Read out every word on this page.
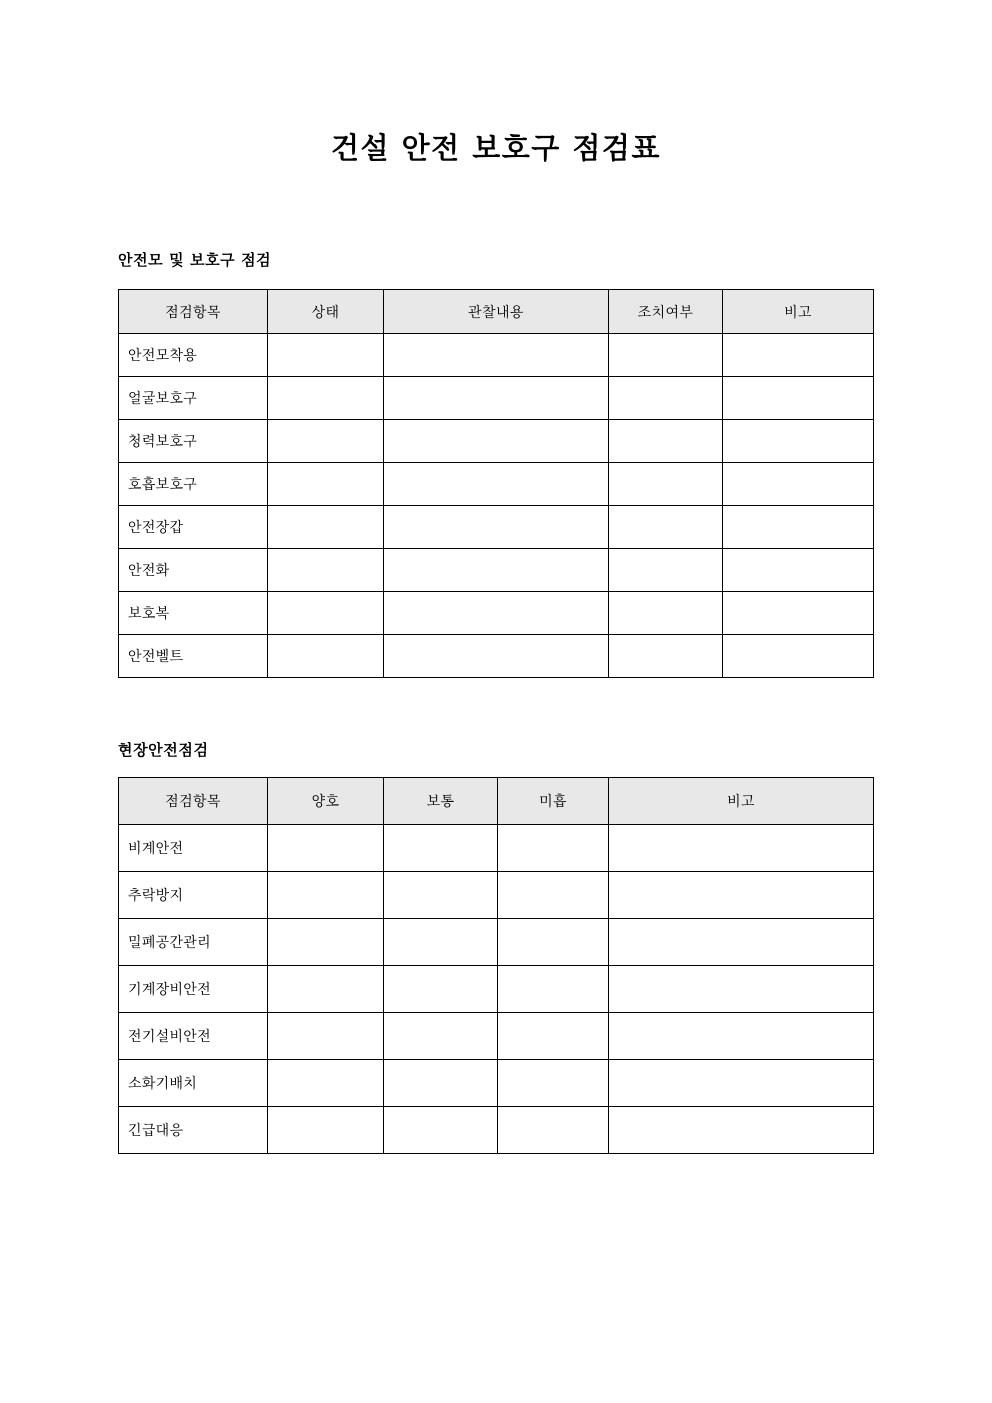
건설 안전 보호구 점검표
안전모 및 보호구 점검
점검항목	상태	관찰내용	조치여부	비고
안전모착용				
얼굴보호구				
청력보호구				
호흡보호구				
안전장갑				
안전화				
보호복				
안전벨트				
현장안전점검
점검항목	양호	보통	미흡	비고
비계안전				
추락방지				
밀폐공간관리				
기계장비안전				
전기설비안전				
소화기배치				
긴급대응				
